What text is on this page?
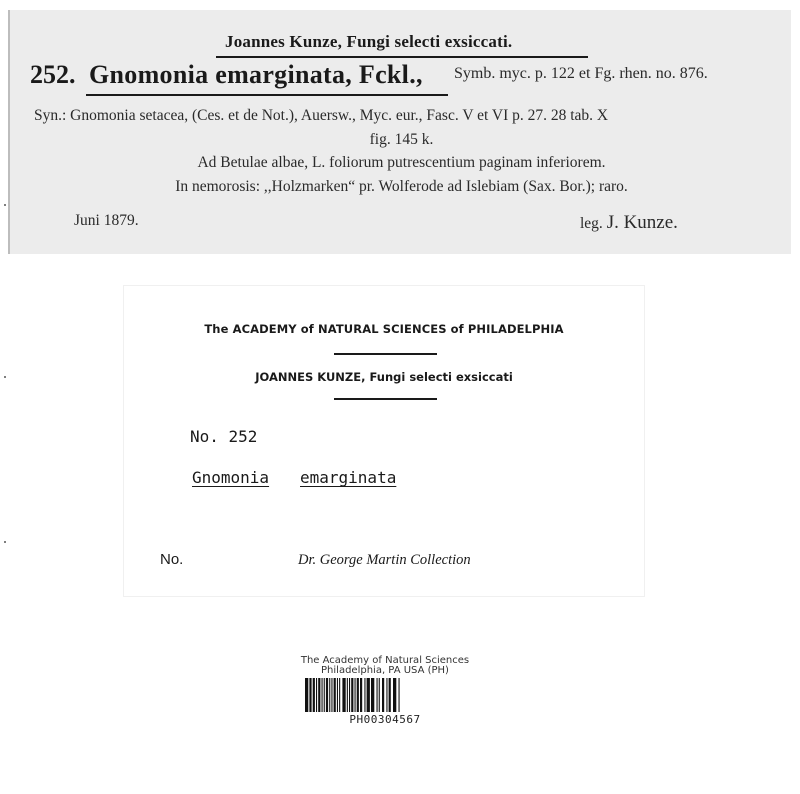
Joannes Kunze, Fungi selecti exsiccati.
252. Gnomonia emarginata, Fckl., Symb. myc. p. 122 et Fg. rhen. no. 876.
Syn.: Gnomonia setacea, (Ces. et de Not.), Auersw., Myc. eur., Fasc. V et VI p. 27. 28 tab. X
fig. 145 k.
Ad Betulae albae, L. foliorum putrescentium paginam inferiorem.
In nemorosis: ,,Holzmarken“ pr. Wolferode ad Islebiam (Sax. Bor.); raro.
Juni 1879.	leg. J. Kunze.
The ACADEMY of NATURAL SCIENCES of PHILADELPHIA
JOANNES KUNZE, Fungi selecti exsiccati
No. 252
Gnomonia emarginata
No.	Dr. George Martin Collection
The Academy of Natural Sciences
Philadelphia, PA USA (PH)
PH00304567
